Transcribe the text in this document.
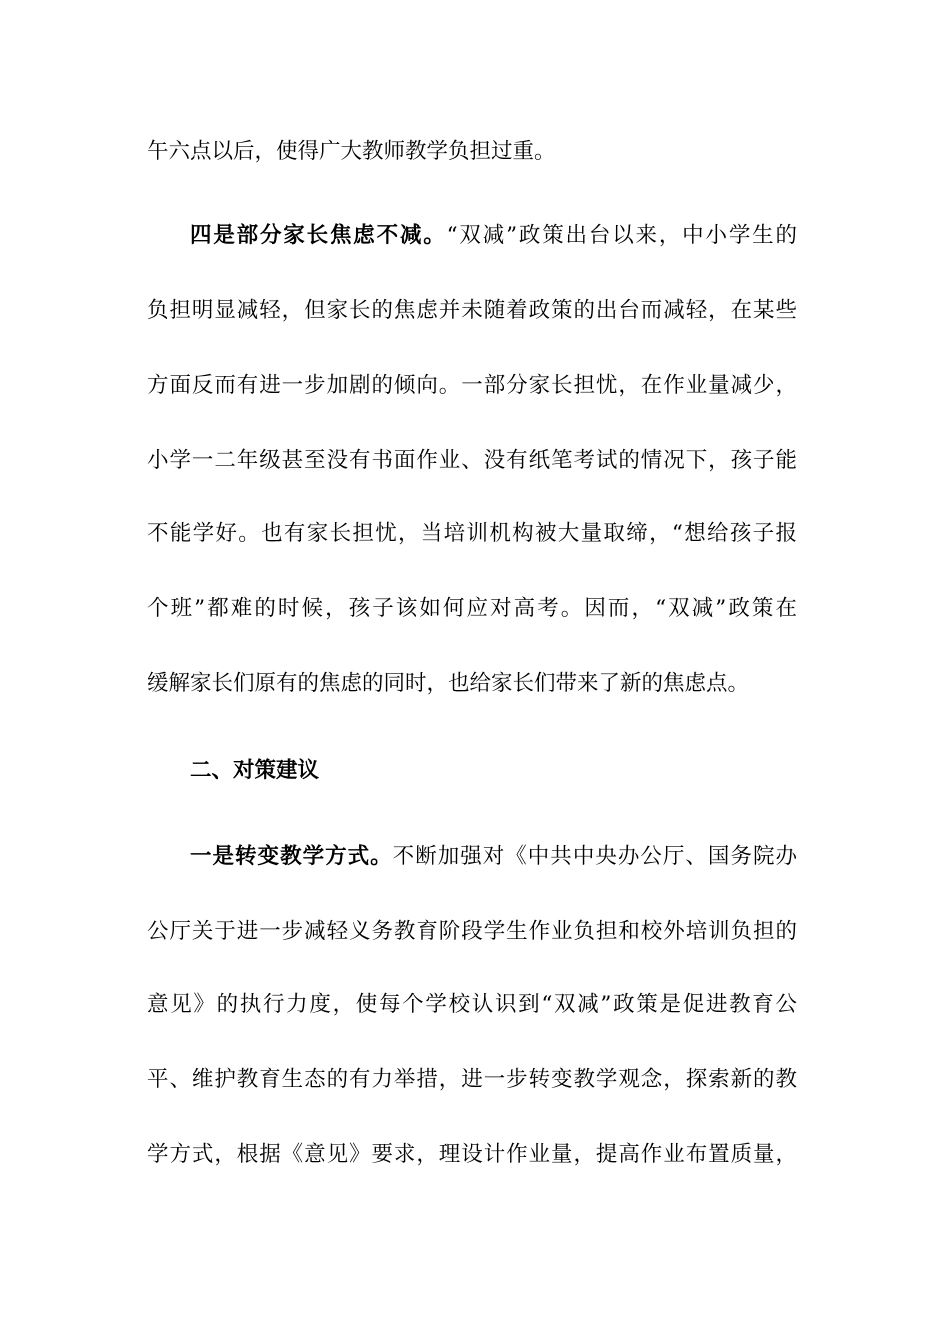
午六点以后，使得广大教师教学负担过重。
四是部分家长焦虑不减。“双减”政策出台以来，中小学生的
负担明显减轻，但家长的焦虑并未随着政策的出台而减轻，在某些
方面反而有进一步加剧的倾向。一部分家长担忧，在作业量减少，
小学一二年级甚至没有书面作业、没有纸笔考试的情况下，孩子能
不能学好。也有家长担忧，当培训机构被大量取缔，“想给孩子报
个班”都难的时候，孩子该如何应对高考。因而，“双减”政策在
缓解家长们原有的焦虑的同时，也给家长们带来了新的焦虑点。
二、对策建议
一是转变教学方式。不断加强对《中共中央办公厅、国务院办
公厅关于进一步减轻义务教育阶段学生作业负担和校外培训负担的
意见》的执行力度，使每个学校认识到“双减”政策是促进教育公
平、维护教育生态的有力举措，进一步转变教学观念，探索新的教
学方式，根据《意见》要求，理设计作业量，提高作业布置质量，
